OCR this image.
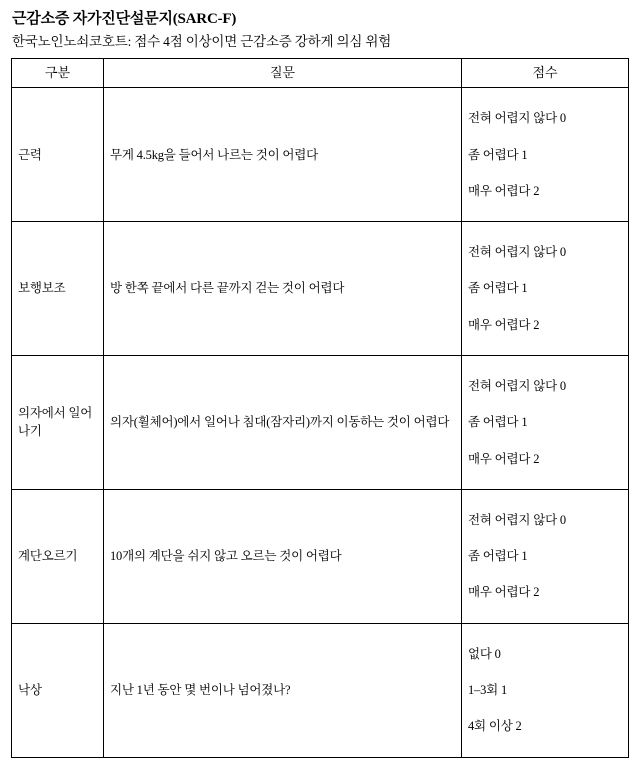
근감소증 자가진단설문지(SARC-F)
한국노인노쇠코호트: 점수 4점 이상이면 근감소증 강하게 의심 위험
구분	질문	점수
근력	무게 4.5kg을 들어서 나르는 것이 어렵다	전혀 어렵지 않다 0

좀 어렵다 1

매우 어렵다 2

보행보조	방 한쪽 끝에서 다른 끝까지 걷는 것이 어렵다	전혀 어렵지 않다 0

좀 어렵다 1

매우 어렵다 2

의자에서 일어나기	의자(휠체어)에서 일어나 침대(잠자리)까지 이동하는 것이 어렵다	전혀 어렵지 않다 0

좀 어렵다 1

매우 어렵다 2

계단오르기	10개의 계단을 쉬지 않고 오르는 것이 어렵다	전혀 어렵지 않다 0

좀 어렵다 1

매우 어렵다 2

낙상	지난 1년 동안 몇 번이나 넘어졌나?	없다 0

1–3회 1

4회 이상 2
